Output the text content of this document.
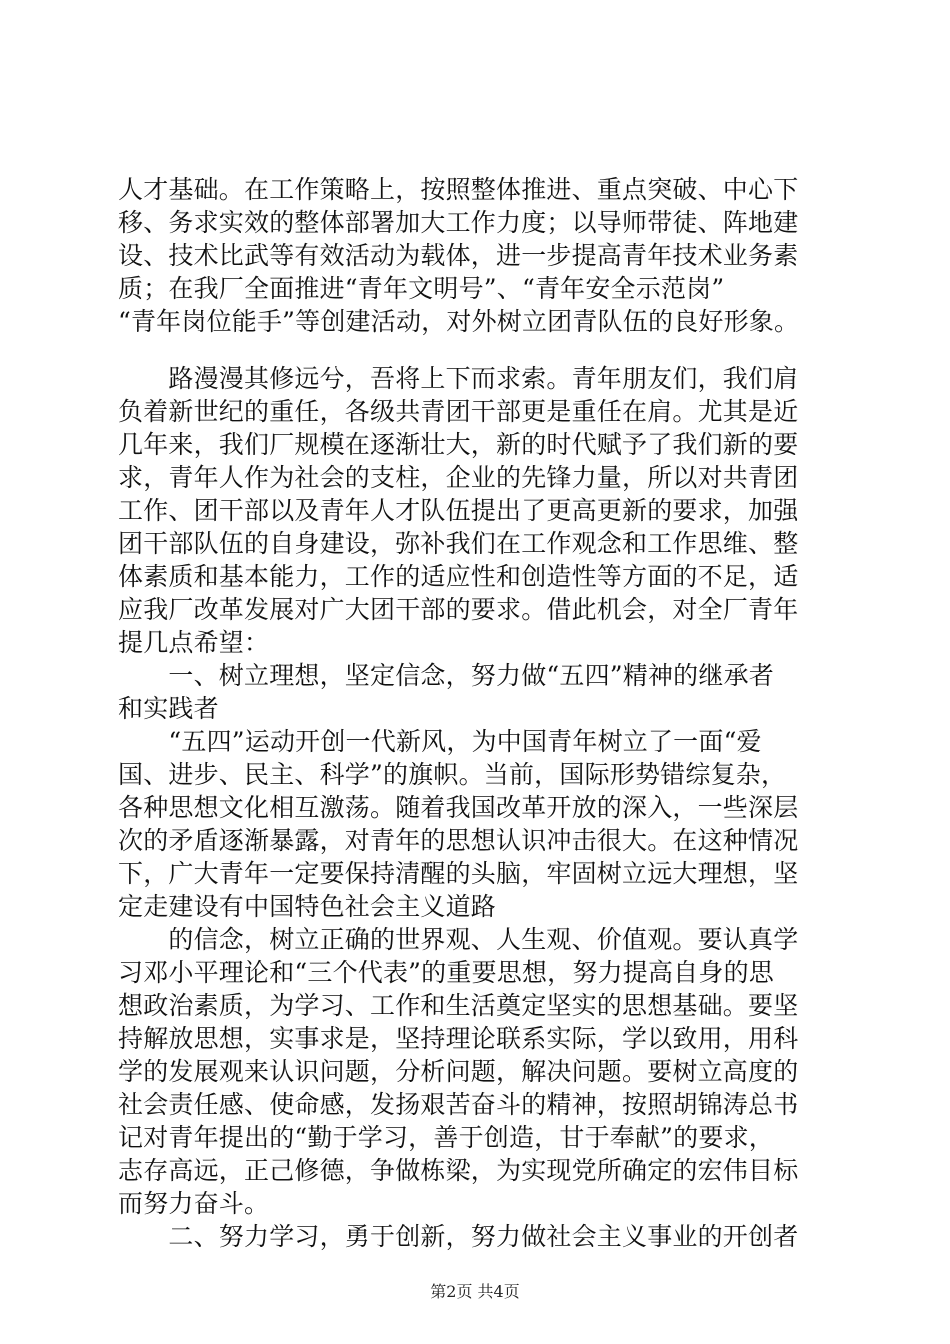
人才基础。在工作策略上，按照整体推进、重点突破、中心下
移、务求实效的整体部署加大工作力度；以导师带徒、阵地建
设、技术比武等有效活动为载体，进一步提高青年技术业务素
质；在我厂全面推进“青年文明号”、“青年安全示范岗”
“青年岗位能手”等创建活动，对外树立团青队伍的良好形象。
　　路漫漫其修远兮，吾将上下而求索。青年朋友们，我们肩
负着新世纪的重任，各级共青团干部更是重任在肩。尤其是近
几年来，我们厂规模在逐渐壮大，新的时代赋予了我们新的要
求，青年人作为社会的支柱，企业的先锋力量，所以对共青团
工作、团干部以及青年人才队伍提出了更高更新的要求，加强
团干部队伍的自身建设，弥补我们在工作观念和工作思维、整
体素质和基本能力，工作的适应性和创造性等方面的不足，适
应我厂改革发展对广大团干部的要求。借此机会，对全厂青年
提几点希望：
　　一、树立理想，坚定信念，努力做“五四”精神的继承者
和实践者
　　“五四”运动开创一代新风，为中国青年树立了一面“爱
国、进步、民主、科学”的旗帜。当前，国际形势错综复杂，
各种思想文化相互激荡。随着我国改革开放的深入，一些深层
次的矛盾逐渐暴露，对青年的思想认识冲击很大。在这种情况
下，广大青年一定要保持清醒的头脑，牢固树立远大理想，坚
定走建设有中国特色社会主义道路
　　的信念，树立正确的世界观、人生观、价值观。要认真学
习邓小平理论和“三个代表”的重要思想，努力提高自身的思
想政治素质，为学习、工作和生活奠定坚实的思想基础。要坚
持解放思想，实事求是，坚持理论联系实际，学以致用，用科
学的发展观来认识问题，分析问题，解决问题。要树立高度的
社会责任感、使命感，发扬艰苦奋斗的精神，按照胡锦涛总书
记对青年提出的“勤于学习，善于创造，甘于奉献”的要求，
志存高远，正己修德，争做栋梁，为实现党所确定的宏伟目标
而努力奋斗。
　　二、努力学习，勇于创新，努力做社会主义事业的开创者
第2页 共4页
